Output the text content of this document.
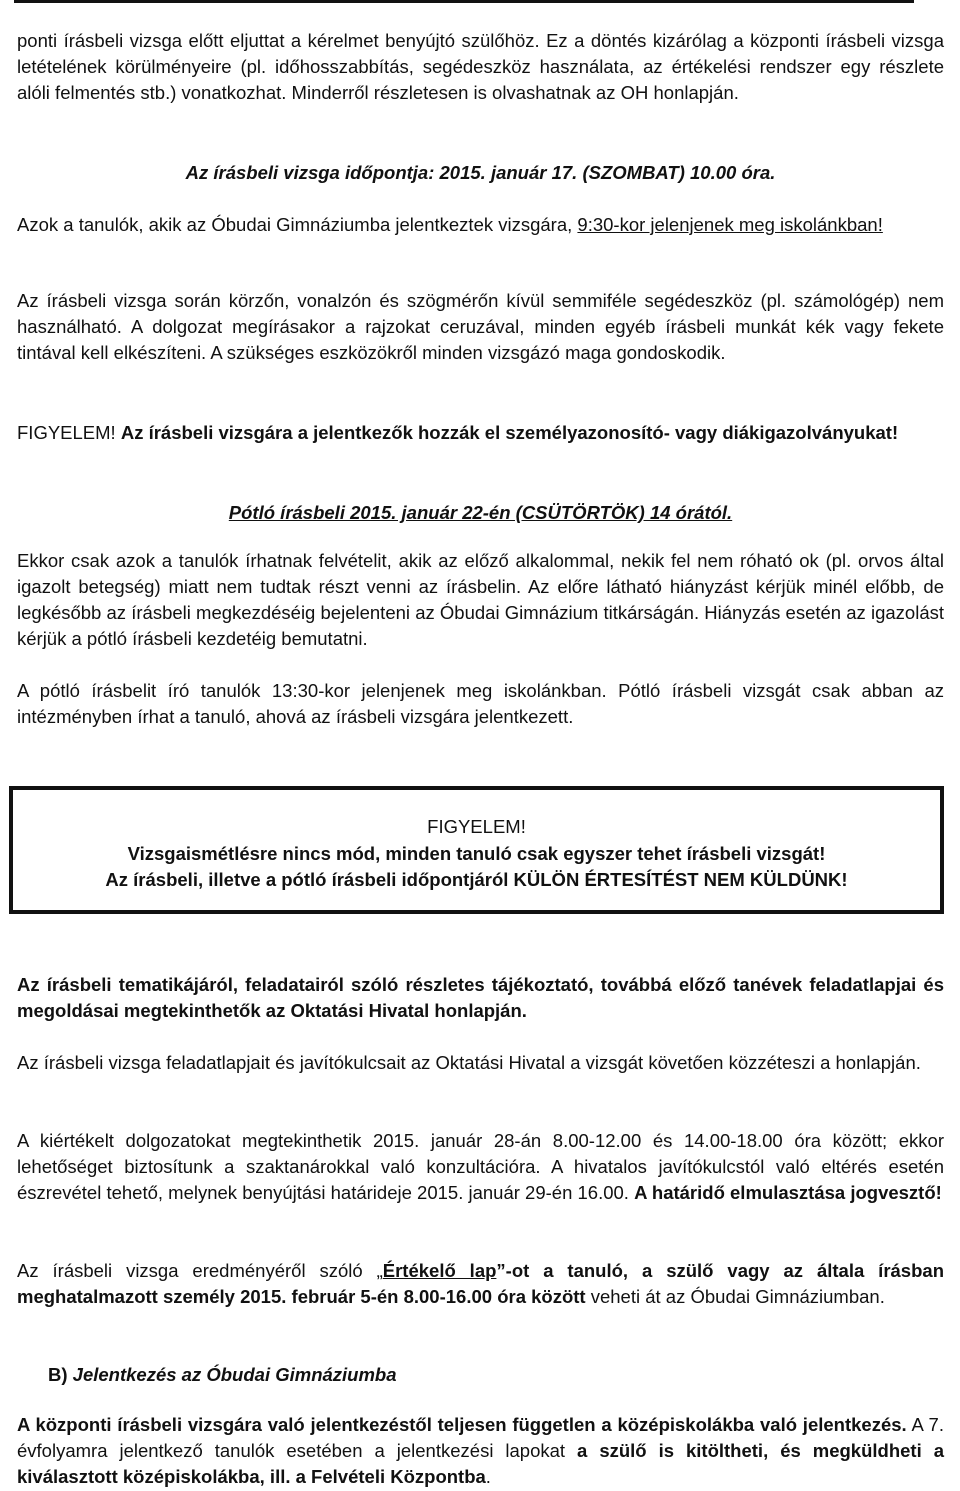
ponti írásbeli vizsga előtt eljuttat a kérelmet benyújtó szülőhöz. Ez a döntés kizárólag a központi írásbeli vizsga letételének körülményeire (pl. időhosszabbítás, segédeszköz használata, az értékelési rendszer egy részlete alóli felmentés stb.) vonatkozhat. Minderről részletesen is olvashatnak az OH honlapján.

Az írásbeli vizsga időpontja: 2015. január 17. (SZOMBAT) 10.00 óra.

Azok a tanulók, akik az Óbudai Gimnáziumba jelentkeztek vizsgára, 9:30-kor jelenjenek meg iskolánkban!

Az írásbeli vizsga során körzőn, vonalzón és szögmérőn kívül semmiféle segédeszköz (pl. számológép) nem használható. A dolgozat megírásakor a rajzokat ceruzával, minden egyéb írásbeli munkát kék vagy fekete tintával kell elkészíteni. A szükséges eszközökről minden vizsgázó maga gondoskodik.

FIGYELEM! Az írásbeli vizsgára a jelentkezők hozzák el személyazonosító- vagy diákigazolványukat!

Pótló írásbeli 2015. január 22-én (CSÜTÖRTÖK) 14 órától.

Ekkor csak azok a tanulók írhatnak felvételit, akik az előző alkalommal, nekik fel nem róható ok (pl. orvos által igazolt betegség) miatt nem tudtak részt venni az írásbelin. Az előre látható hiányzást kérjük minél előbb, de legkésőbb az írásbeli megkezdéséig bejelenteni az Óbudai Gimnázium titkárságán. Hiányzás esetén az igazolást kérjük a pótló írásbeli kezdetéig bemutatni.

A pótló írásbelit író tanulók 13:30-kor jelenjenek meg iskolánkban. Pótló írásbeli vizsgát csak abban az intézményben írhat a tanuló, ahová az írásbeli vizsgára jelentkezett.

FIGYELEM!

Vizsgaismétlésre nincs mód, minden tanuló csak egyszer tehet írásbeli vizsgát!

Az írásbeli, illetve a pótló írásbeli időpontjáról KÜLÖN ÉRTESÍTÉST NEM KÜLDÜNK!

Az írásbeli tematikájáról, feladatairól szóló részletes tájékoztató, továbbá előző tanévek feladatlapjai és megoldásai megtekinthetők az Oktatási Hivatal honlapján.

Az írásbeli vizsga feladatlapjait és javítókulcsait az Oktatási Hivatal a vizsgát követően közzéteszi a honlapján.

A kiértékelt dolgozatokat megtekinthetik 2015. január 28-án 8.00-12.00 és 14.00-18.00 óra között; ekkor lehetőséget biztosítunk a szaktanárokkal való konzultációra. A hivatalos javítókulcstól való eltérés esetén észrevétel tehető, melynek benyújtási határideje 2015. január 29-én 16.00. A határidő elmulasztása jogvesztő!

Az írásbeli vizsga eredményéről szóló „Értékelő lap”-ot a tanuló, a szülő vagy az általa írásban meghatalmazott személy 2015. február 5-én 8.00-16.00 óra között veheti át az Óbudai Gimnáziumban.

B) Jelentkezés az Óbudai Gimnáziumba

A központi írásbeli vizsgára való jelentkezéstől teljesen független a középiskolákba való jelentkezés. A 7. évfolyamra jelentkező tanulók esetében a jelentkezési lapokat a szülő is kitöltheti, és megküldheti a kiválasztott középiskolákba, ill. a Felvételi Központba.
